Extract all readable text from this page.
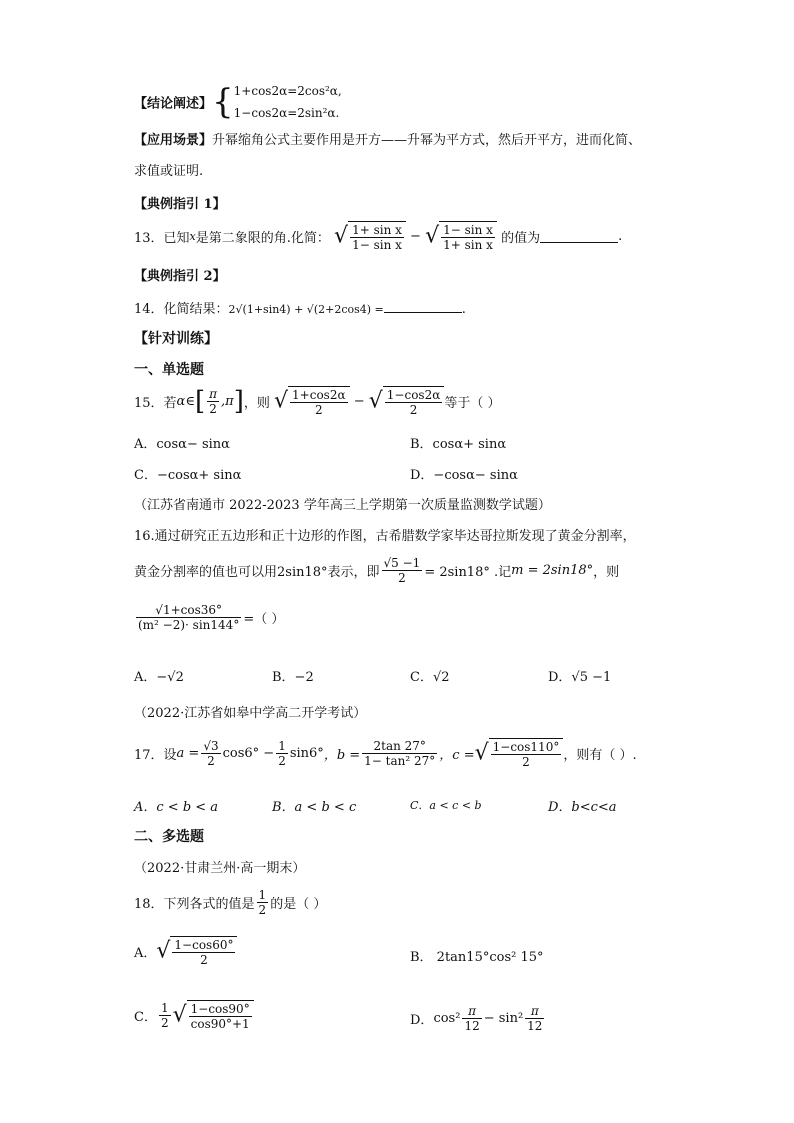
【结论阐述】{ 1+cos2α=2cos²α,
1−cos2α=2sin²α.
【应用场景】升幂缩角公式主要作用是开方——升幂为平方式，然后开平方，进而化简、
求值或证明.
【典例指引 1】
13．已知x是第二象限的角.化简： √ $\frac{\text{1+ sin x}}{\text{1− sin x}}$ − √ $\frac{\text{1− sin x}}{\text{1+ sin x}}$ 的值为	.
【典例指引 2】
14．化简结果：2√(1+sin4) + √(2+2cos4) =	.
【针对训练】
一、单选题
15．若α∈[ $\frac{\pi}{2} ,\pi$]，则 √ $\frac{1+\cos 2\alpha}{2}$ − √ $\frac{1-\cos 2\alpha}{2}$ 等于（ ）
A．cosα− sinα	B．cosα+ sinα
C．−cosα+ sinα	D．−cosα− sinα
（江苏省南通市 2022-2023 学年高三上学期第一次质量监测数学试题）
16.通过研究正五边形和正十边形的作图，古希腊数学家毕达哥拉斯发现了黄金分割率，
黄金分割率的值也可以用2sin18°表示，即 $\frac{√5 -1}{2} = 2\sin 18^\circ$ .记m = 2sin18°，则
$\frac{√1+\cos 36^\circ}{\text{(m² −2)· sin144°}}$ =（ ）
A．−√2	B．−2	C．√2	D．√5 −1
（2022·江苏省如皋中学高二开学考试）
17．设$a = \frac{√3}{2} \cos 6^\circ - \frac{1}{2} \sin 6^\circ$，$b = \frac{2\tan 27^\circ}{\text{1− tan² 27°}}$ ，c =√ $\frac{1-\cos 110^\circ}{2}$ ，则有（ ）.
A．c < b < a	B．a < b < c	C．a < c < b	D．b<c<a
二、多选题
（2022·甘肃兰州·高一期末）
18．下列各式的值是 $\frac{1}{2}$ 的是（ ）
A．√ $\frac{1-\cos 60^\circ}{2}$	B． 2tan15°cos² 15°
C． $\frac{1}{2}$ √ $\frac{1-\cos 90^\circ}{\cos 90^\circ+1}$	D．$\cos^2 \frac{\pi}{12} - \sin^2 \frac{\pi}{12}$
